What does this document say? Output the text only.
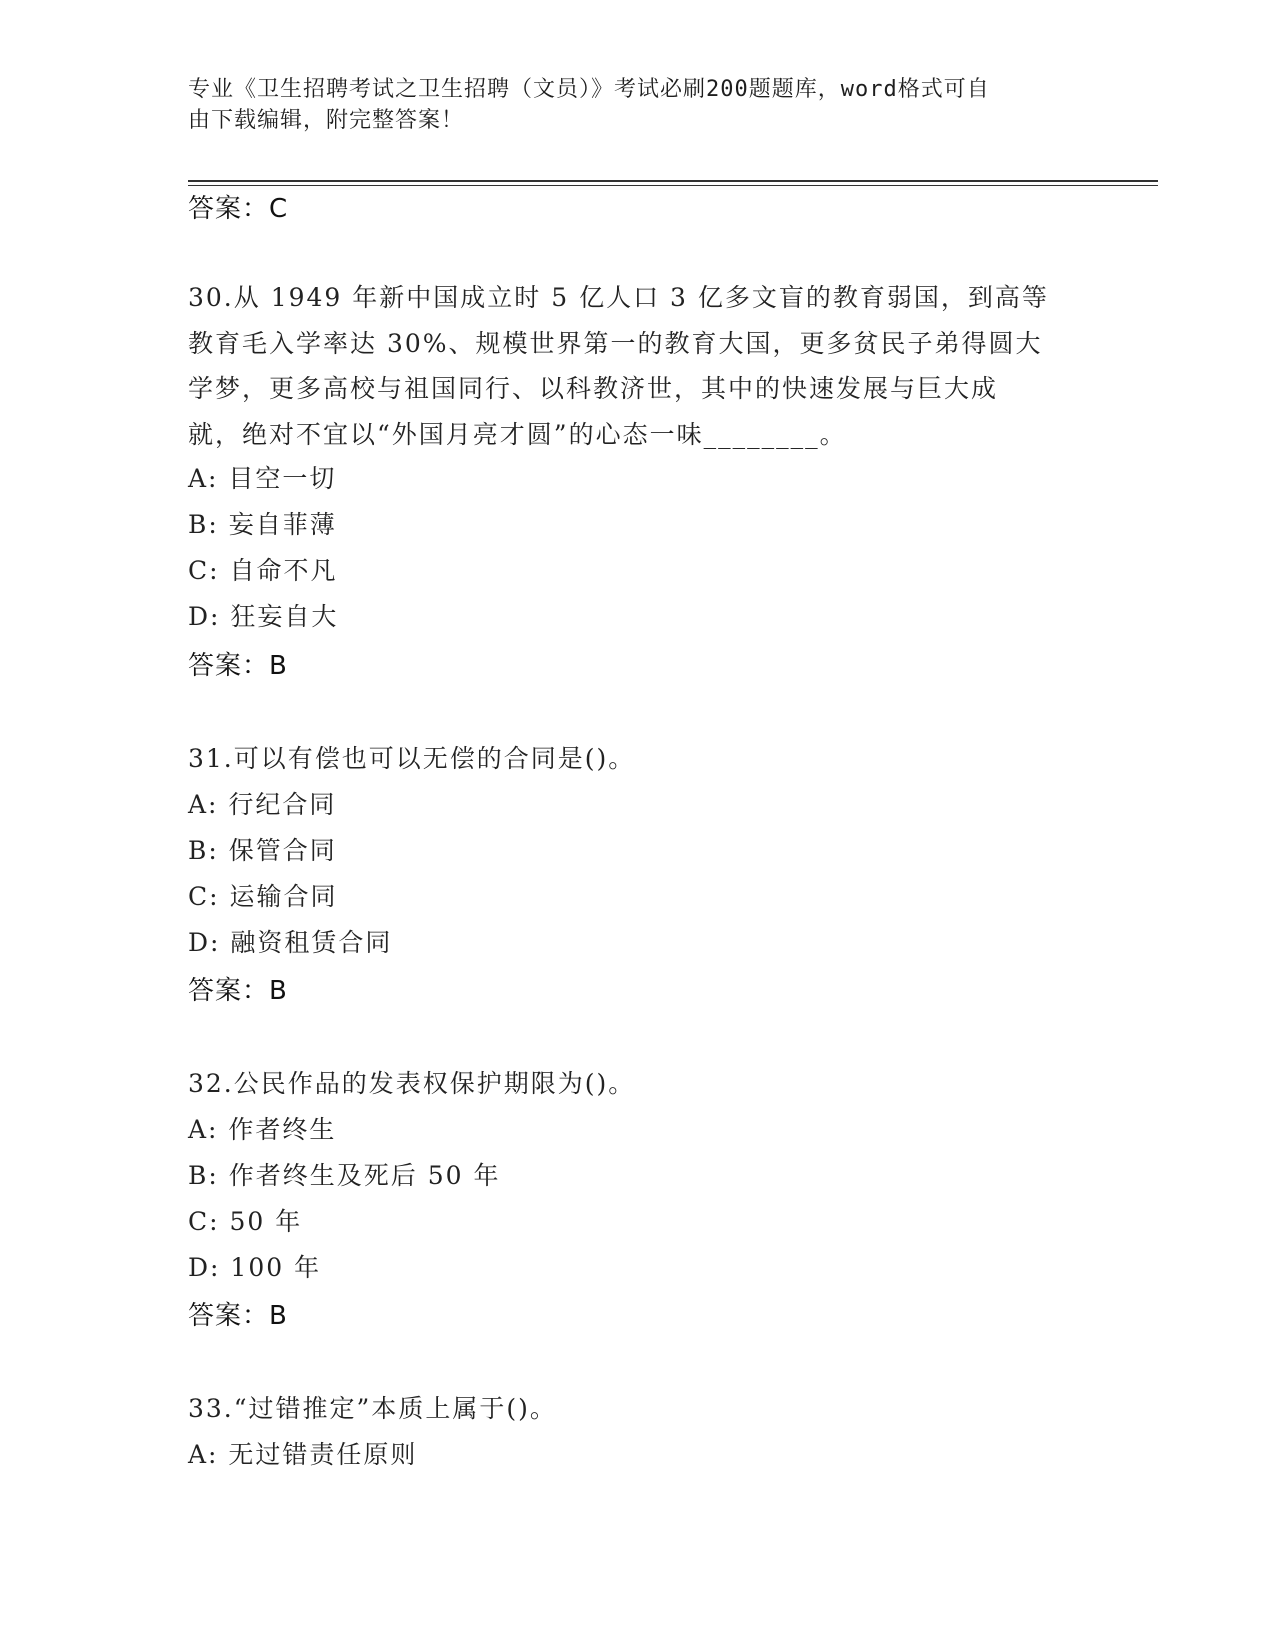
专业《卫生招聘考试之卫生招聘（文员）》考试必刷200题题库，word格式可自
由下载编辑，附完整答案！
答案：C
30.从 1949 年新中国成立时 5 亿人口 3 亿多文盲的教育弱国，到高等
教育毛入学率达 30%、规模世界第一的教育大国，更多贫民子弟得圆大
学梦，更多高校与祖国同行、以科教济世，其中的快速发展与巨大成
就，绝对不宜以“外国月亮才圆”的心态一味________。
A: 目空一切
B: 妄自菲薄
C: 自命不凡
D: 狂妄自大
答案：B
31.可以有偿也可以无偿的合同是()。
A: 行纪合同
B: 保管合同
C: 运输合同
D: 融资租赁合同
答案：B
32.公民作品的发表权保护期限为()。
A: 作者终生
B: 作者终生及死后 50 年
C: 50 年
D: 100 年
答案：B
33.“过错推定”本质上属于()。
A: 无过错责任原则
